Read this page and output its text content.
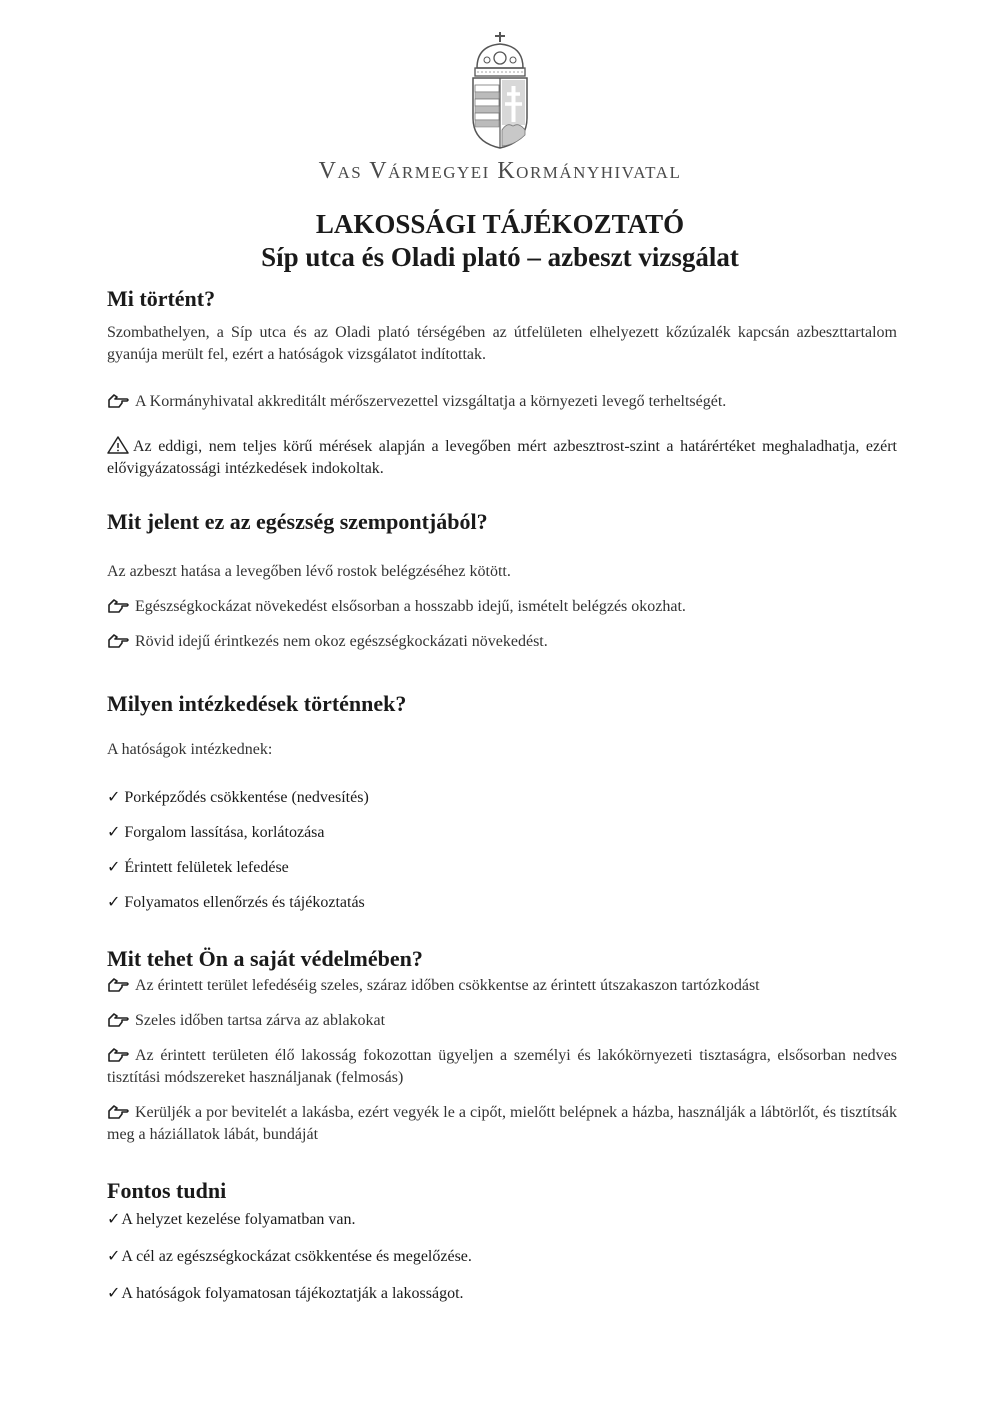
Vas Vármegyei Kormányhivatal
LAKOSSÁGI TÁJÉKOZTATÓ
Síp utca és Oladi plató – azbeszt vizsgálat
Mi történt?

Szombathelyen, a Síp utca és az Oladi plató térségében az útfelületen elhelyezett kőzúzalék kapcsán azbeszttartalom gyanúja merült fel, ezért a hatóságok vizsgálatot indítottak.

A Kormányhivatal akkreditált mérőszervezettel vizsgáltatja a környezeti levegő terheltségét.

Az eddigi, nem teljes körű mérések alapján a levegőben mért azbesztrost-szint a határértéket meghaladhatja, ezért elővigyázatossági intézkedések indokoltak.

Mit jelent ez az egészség szempontjából?

Az azbeszt hatása a levegőben lévő rostok belégzéséhez kötött.

Egészségkockázat növekedést elsősorban a hosszabb idejű, ismételt belégzés okozhat.

Rövid idejű érintkezés nem okoz egészségkockázati növekedést.

Milyen intézkedések történnek?

A hatóságok intézkednek:

✓ Porképződés csökkentése (nedvesítés)
✓ Forgalom lassítása, korlátozása
✓ Érintett felületek lefedése
✓ Folyamatos ellenőrzés és tájékoztatás
Mit tehet Ön a saját védelmében?

Az érintett terület lefedéséig szeles, száraz időben csökkentse az érintett útszakaszon tartózkodást

Szeles időben tartsa zárva az ablakokat

Az érintett területen élő lakosság fokozottan ügyeljen a személyi és lakókörnyezeti tisztaságra, elsősorban nedves tisztítási módszereket használjanak (felmosás)

Kerüljék a por bevitelét a lakásba, ezért vegyék le a cipőt, mielőtt belépnek a házba, használják a lábtörlőt, és tisztítsák meg a háziállatok lábát, bundáját

Fontos tudni
✓A helyzet kezelése folyamatban van.
✓A cél az egészségkockázat csökkentése és megelőzése.
✓A hatóságok folyamatosan tájékoztatják a lakosságot.
